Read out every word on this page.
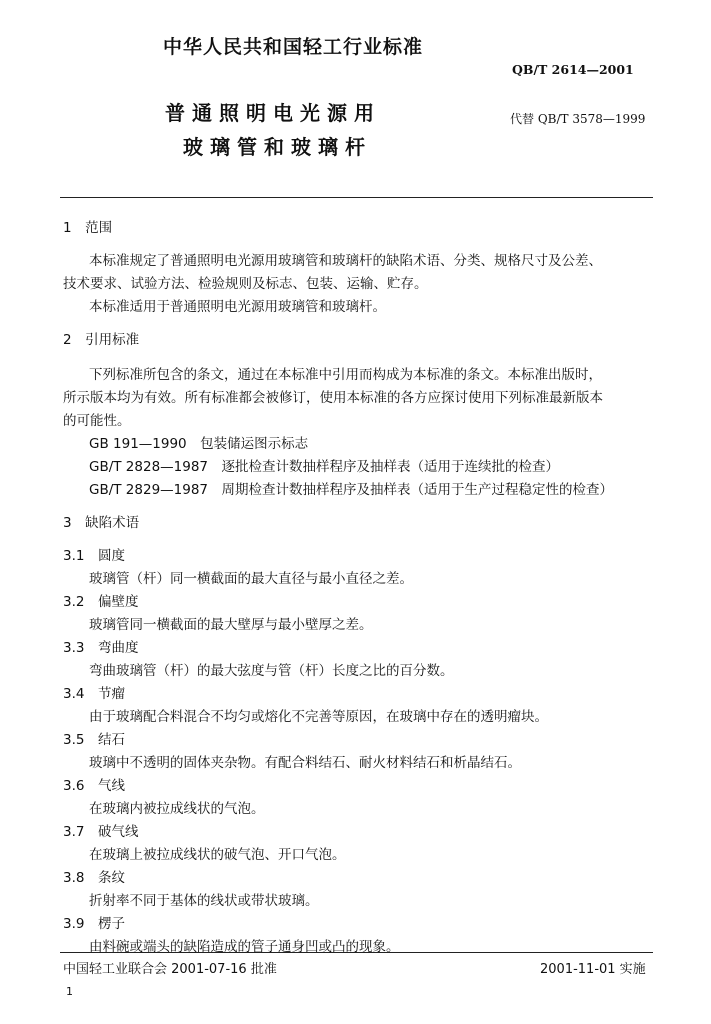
中华人民共和国轻工行业标准
QB/T 2614—2001
普通照明电光源用
玻璃管和玻璃杆
代替 QB/T 3578—1999
1　范围
本标准规定了普通照明电光源用玻璃管和玻璃杆的缺陷术语、分类、规格尺寸及公差、
技术要求、试验方法、检验规则及标志、包装、运输、贮存。
本标准适用于普通照明电光源用玻璃管和玻璃杆。
2　引用标准
下列标准所包含的条文，通过在本标准中引用而构成为本标准的条文。本标准出版时，
所示版本均为有效。所有标准都会被修订，使用本标准的各方应探讨使用下列标准最新版本
的可能性。
GB 191—1990　包装储运图示标志
GB/T 2828—1987　逐批检查计数抽样程序及抽样表（适用于连续批的检查）
GB/T 2829—1987　周期检查计数抽样程序及抽样表（适用于生产过程稳定性的检查）
3　缺陷术语
3.1　圆度
玻璃管（杆）同一横截面的最大直径与最小直径之差。
3.2　偏壁度
玻璃管同一横截面的最大壁厚与最小壁厚之差。
3.3　弯曲度
弯曲玻璃管（杆）的最大弦度与管（杆）长度之比的百分数。
3.4　节瘤
由于玻璃配合料混合不均匀或熔化不完善等原因，在玻璃中存在的透明瘤块。
3.5　结石
玻璃中不透明的固体夹杂物。有配合料结石、耐火材料结石和析晶结石。
3.6　气线
在玻璃内被拉成线状的气泡。
3.7　破气线
在玻璃上被拉成线状的破气泡、开口气泡。
3.8　条纹
折射率不同于基体的线状或带状玻璃。
3.9　楞子
由料碗或端头的缺陷造成的管子通身凹或凸的现象。
中国轻工业联合会 2001-07-16 批准	2001-11-01 实施
1
